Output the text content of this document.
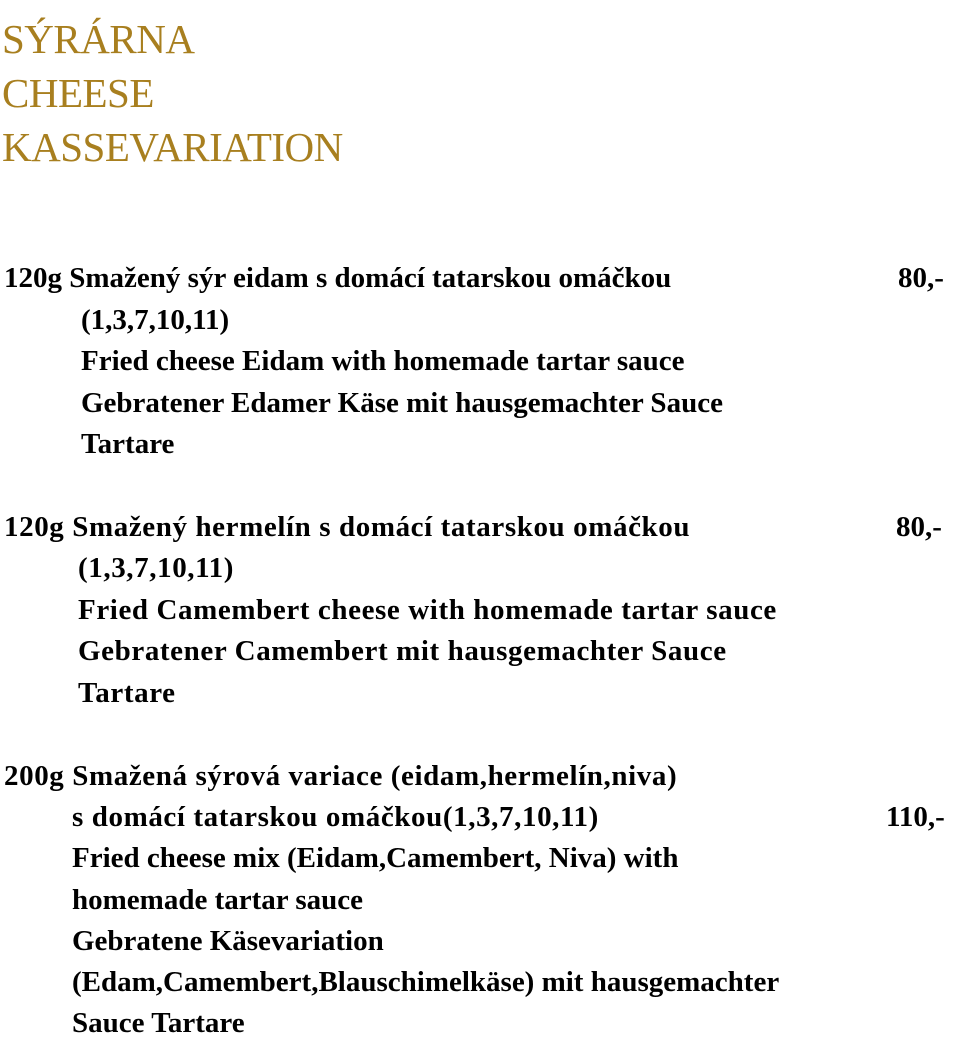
SÝRÁRNA
CHEESE
KASSEVARIATION
120g Smažený sýr eidam s domácí tatarskou omáčkou	80,-
(1,3,7,10,11)
Fried cheese Eidam with homemade tartar sauce
Gebratener Edamer Käse mit hausgemachter Sauce
Tartare
120g Smažený hermelín s domácí tatarskou omáčkou	80,-
(1,3,7,10,11)
Fried Camembert cheese with homemade tartar sauce
Gebratener Camembert mit hausgemachter Sauce
Tartare
200g Smažená sýrová variace (eidam,hermelín,niva)
s domácí tatarskou omáčkou(1,3,7,10,11)	110,-
Fried cheese mix (Eidam,Camembert, Niva) with
homemade tartar sauce
Gebratene Käsevariation
(Edam,Camembert,Blauschimelkäse) mit hausgemachter
Sauce Tartare
